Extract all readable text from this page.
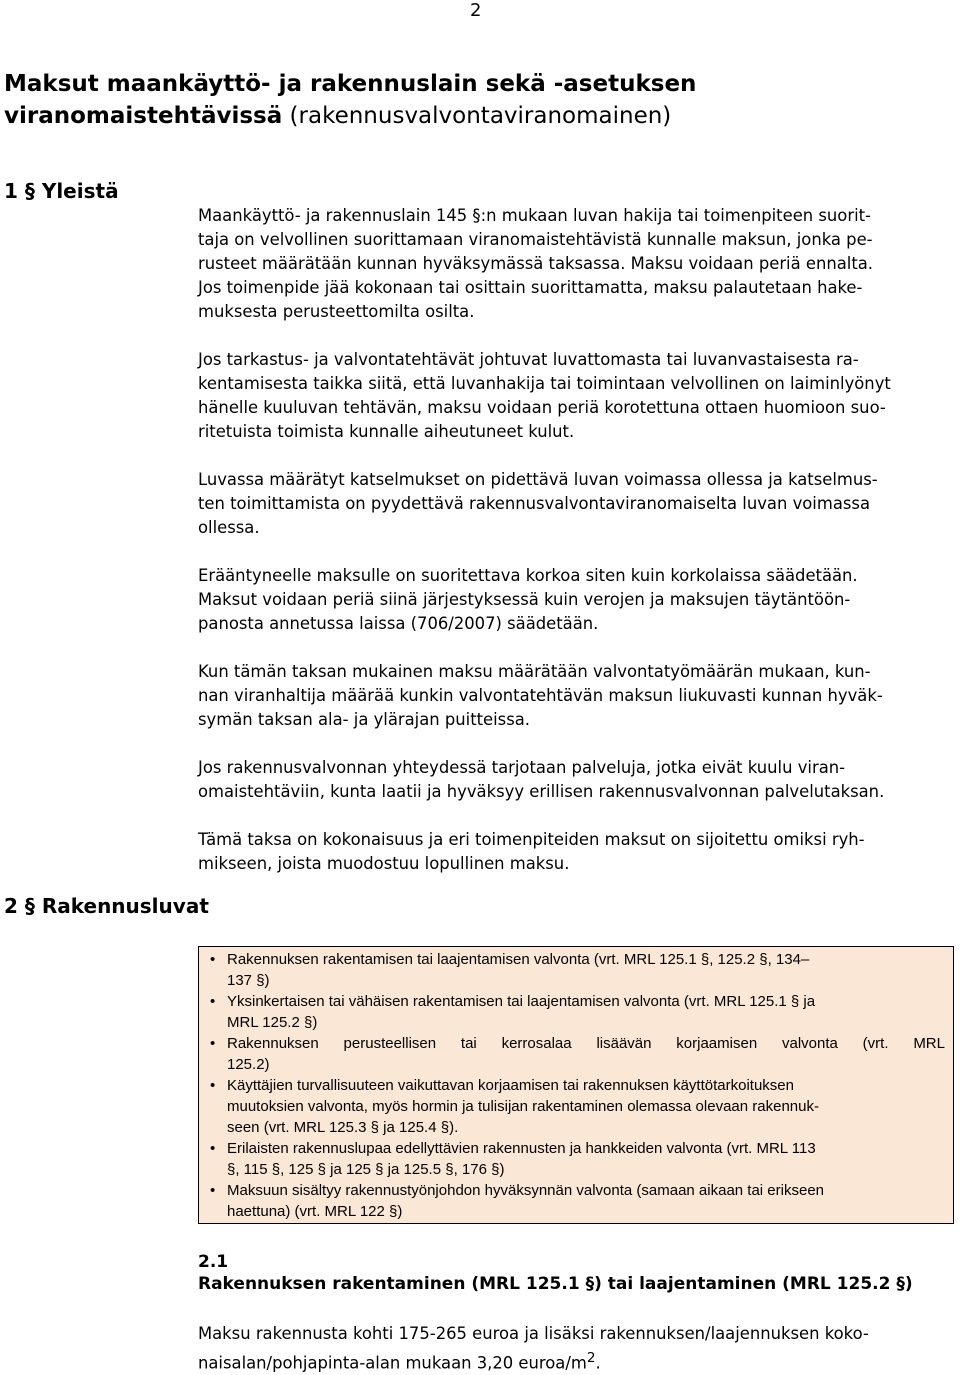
2
Maksut maankäyttö- ja rakennuslain sekä -asetuksen
viranomaistehtävissä (rakennusvalvontaviranomainen)
1 § Yleistä

Maankäyttö- ja rakennuslain 145 §:n mukaan luvan hakija tai toimenpiteen suorit-
taja on velvollinen suorittamaan viranomaistehtävistä kunnalle maksun, jonka pe-
rusteet määrätään kunnan hyväksymässä taksassa. Maksu voidaan periä ennalta.
Jos toimenpide jää kokonaan tai osittain suorittamatta, maksu palautetaan hake-
muksesta perusteettomilta osilta.

Jos tarkastus- ja valvontatehtävät johtuvat luvattomasta tai luvanvastaisesta ra-
kentamisesta taikka siitä, että luvanhakija tai toimintaan velvollinen on laiminlyönyt
hänelle kuuluvan tehtävän, maksu voidaan periä korotettuna ottaen huomioon suo-
ritetuista toimista kunnalle aiheutuneet kulut.

Luvassa määrätyt katselmukset on pidettävä luvan voimassa ollessa ja katselmus-
ten toimittamista on pyydettävä rakennusvalvontaviranomaiselta luvan voimassa
ollessa.

Erääntyneelle maksulle on suoritettava korkoa siten kuin korkolaissa säädetään.
Maksut voidaan periä siinä järjestyksessä kuin verojen ja maksujen täytäntöön-
panosta annetussa laissa (706/2007) säädetään.

Kun tämän taksan mukainen maksu määrätään valvontatyömäärän mukaan, kun-
nan viranhaltija määrää kunkin valvontatehtävän maksun liukuvasti kunnan hyväk-
symän taksan ala- ja ylärajan puitteissa.

Jos rakennusvalvonnan yhteydessä tarjotaan palveluja, jotka eivät kuulu viran-
omaistehtäviin, kunta laatii ja hyväksyy erillisen rakennusvalvonnan palvelutaksan.

Tämä taksa on kokonaisuus ja eri toimenpiteiden maksut on sijoitettu omiksi ryh-
mikseen, joista muodostuu lopullinen maksu.

2 § Rakennusluvat
• Rakennuksen rakentamisen tai laajentamisen valvonta (vrt. MRL 125.1 §, 125.2 §, 134–
137 §)
• Yksinkertaisen tai vähäisen rakentamisen tai laajentamisen valvonta (vrt. MRL 125.1 § ja
MRL 125.2 §)
• Rakennuksen perusteellisen tai kerrosalaa lisäävän korjaamisen valvonta (vrt. MRL
125.2)
• Käyttäjien turvallisuuteen vaikuttavan korjaamisen tai rakennuksen käyttötarkoituksen
muutoksien valvonta, myös hormin ja tulisijan rakentaminen olemassa olevaan rakennuk-
seen (vrt. MRL 125.3 § ja 125.4 §).
• Erilaisten rakennuslupaa edellyttävien rakennusten ja hankkeiden valvonta (vrt. MRL 113
§, 115 §, 125 § ja 125 § ja 125.5 §, 176 §)
• Maksuun sisältyy rakennustyönjohdon hyväksynnän valvonta (samaan aikaan tai erikseen
haettuna) (vrt. MRL 122 §)
2.1
Rakennuksen rakentaminen (MRL 125.1 §) tai laajentaminen (MRL 125.2 §)

Maksu rakennusta kohti 175-265 euroa ja lisäksi rakennuksen/laajennuksen koko-
naisalan/pohjapinta-alan mukaan 3,20 euroa/$m^2$.
